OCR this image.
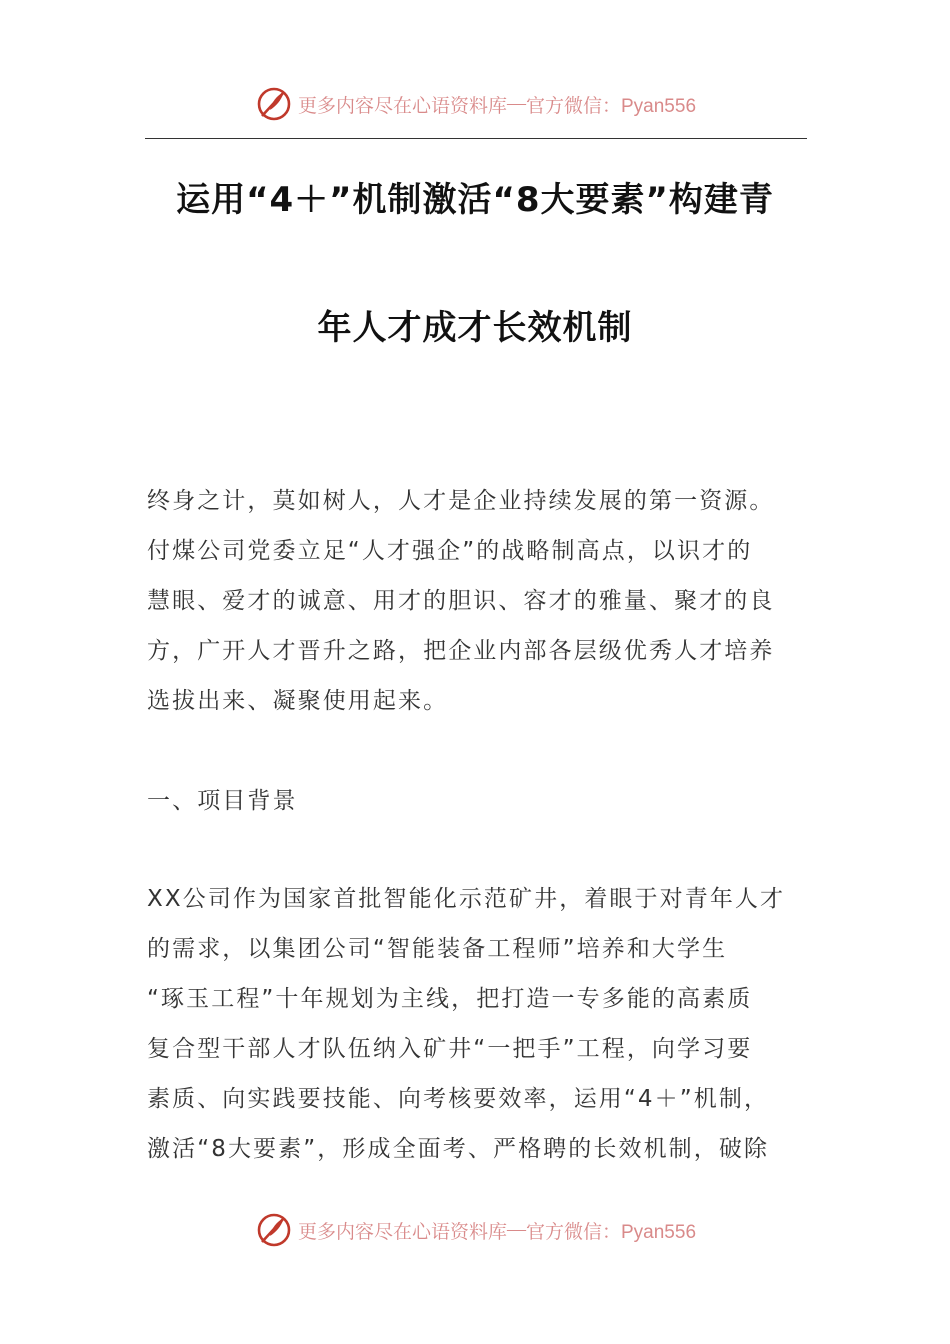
更多内容尽在心语资料库 — 官方微信：Pyan556
运用“4＋”机制激活“8大要素”构建青
年人才成才长效机制
终身之计，莫如树人，人才是企业持续发展的第一资源。
付煤公司党委立足“人才强企”的战略制高点，以识才的
慧眼、爱才的诚意、用才的胆识、容才的雅量、聚才的良
方，广开人才晋升之路，把企业内部各层级优秀人才培养
选拔出来、凝聚使用起来。
一、项目背景
XX公司作为国家首批智能化示范矿井，着眼于对青年人才
的需求，以集团公司“智能装备工程师”培养和大学生
“琢玉工程”十年规划为主线，把打造一专多能的高素质
复合型干部人才队伍纳入矿井“一把手”工程，向学习要
素质、向实践要技能、向考核要效率，运用“4＋”机制，
激活“8大要素”，形成全面考、严格聘的长效机制，破除
更多内容尽在心语资料库 — 官方微信：Pyan556
